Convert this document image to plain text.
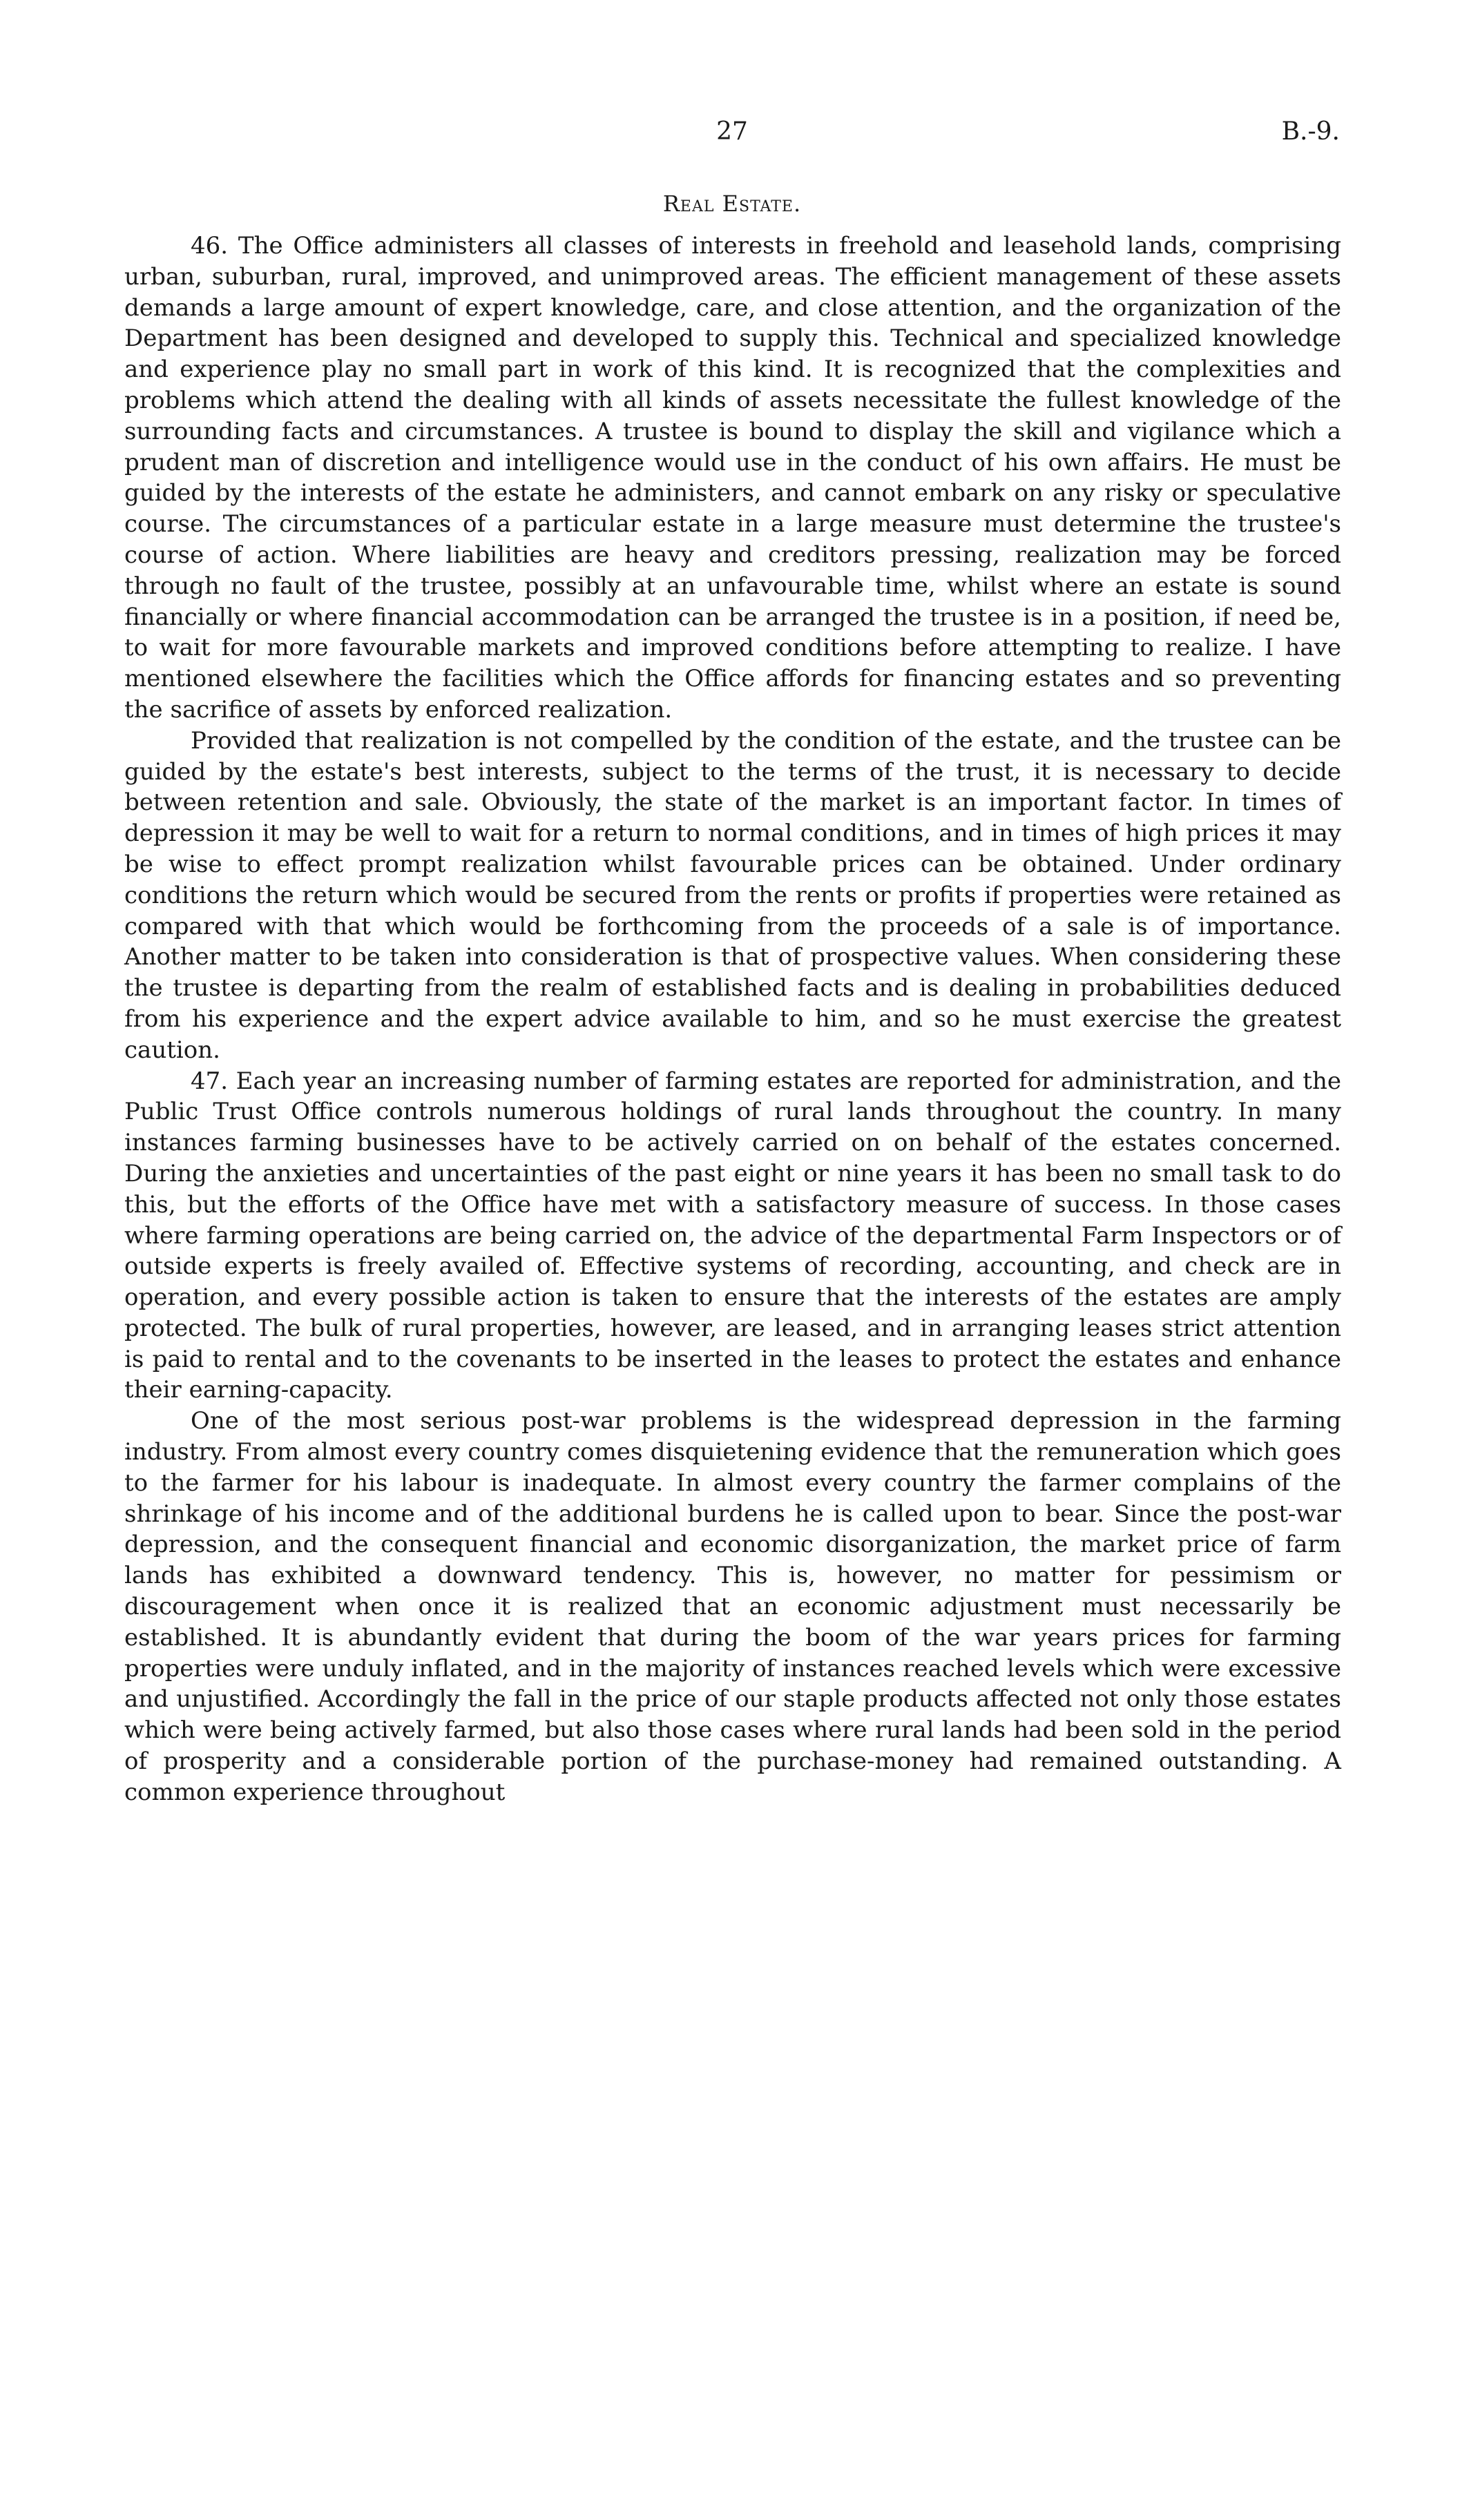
27	B.-9.
Real Estate.

46. The Office administers all classes of interests in freehold and leasehold lands, comprising urban, suburban, rural, improved, and unimproved areas. The efficient management of these assets demands a large amount of expert knowledge, care, and close attention, and the organization of the Department has been designed and developed to supply this. Technical and specialized knowledge and experience play no small part in work of this kind. It is recognized that the complexities and problems which attend the dealing with all kinds of assets necessitate the fullest knowledge of the surrounding facts and circumstances. A trustee is bound to display the skill and vigilance which a prudent man of discretion and intelligence would use in the conduct of his own affairs. He must be guided by the interests of the estate he administers, and cannot embark on any risky or speculative course. The circumstances of a particular estate in a large measure must determine the trustee's course of action. Where liabilities are heavy and creditors pressing, realization may be forced through no fault of the trustee, possibly at an unfavourable time, whilst where an estate is sound financially or where financial accommodation can be arranged the trustee is in a position, if need be, to wait for more favourable markets and improved conditions before attempting to realize. I have mentioned elsewhere the facilities which the Office affords for financing estates and so preventing the sacrifice of assets by enforced realization.

Provided that realization is not compelled by the condition of the estate, and the trustee can be guided by the estate's best interests, subject to the terms of the trust, it is necessary to decide between retention and sale. Obviously, the state of the market is an important factor. In times of depression it may be well to wait for a return to normal conditions, and in times of high prices it may be wise to effect prompt realization whilst favourable prices can be obtained. Under ordinary conditions the return which would be secured from the rents or profits if properties were retained as compared with that which would be forthcoming from the proceeds of a sale is of importance. Another matter to be taken into consideration is that of prospective values. When considering these the trustee is departing from the realm of established facts and is dealing in probabilities deduced from his experience and the expert advice available to him, and so he must exercise the greatest caution.

47. Each year an increasing number of farming estates are reported for administration, and the Public Trust Office controls numerous holdings of rural lands throughout the country. In many instances farming businesses have to be actively carried on on behalf of the estates concerned. During the anxieties and uncertainties of the past eight or nine years it has been no small task to do this, but the efforts of the Office have met with a satisfactory measure of success. In those cases where farming operations are being carried on, the advice of the departmental Farm Inspectors or of outside experts is freely availed of. Effective systems of recording, accounting, and check are in operation, and every possible action is taken to ensure that the interests of the estates are amply protected. The bulk of rural properties, however, are leased, and in arranging leases strict attention is paid to rental and to the covenants to be inserted in the leases to protect the estates and enhance their earning-capacity.

One of the most serious post-war problems is the widespread depression in the farming industry. From almost every country comes disquietening evidence that the remuneration which goes to the farmer for his labour is inadequate. In almost every country the farmer complains of the shrinkage of his income and of the additional burdens he is called upon to bear. Since the post-war depression, and the consequent financial and economic disorganization, the market price of farm lands has exhibited a downward tendency. This is, however, no matter for pessimism or discouragement when once it is realized that an economic adjustment must necessarily be established. It is abundantly evident that during the boom of the war years prices for farming properties were unduly inflated, and in the majority of instances reached levels which were excessive and unjustified. Accordingly the fall in the price of our staple products affected not only those estates which were being actively farmed, but also those cases where rural lands had been sold in the period of prosperity and a considerable portion of the purchase-money had remained outstanding. A common experience throughout
